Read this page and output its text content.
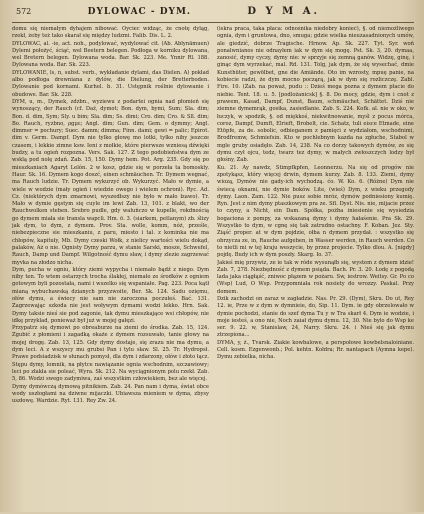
572	DYLOWAC - DYM.	D Y M A.

domu się niemałym dyhajem nibować. Oyciec widząc, że cnotę dyląg, rzekł, żeby też tako skarał się między ludzmi. Falib. Dis. L. 2.

DYLOWAC, al. -ie, act. noh., podylować, wydylować cit. (Ab. Ablynämuen) Dylemi położyć, ściąć, wel Beetern belegen. Podłoga w korniku dylowana, wel Bretern belegen. Dylowana woda. Bar. Sk. 223. Me. Ynnir Rl. 188. Dylowana woda. Bar. Sk. 223.

DYLOWANIE, ls, n, subst. verb., wykładanie dylami, das Dielen. A) pokład albo podłoga drewniana z dylów, die Dielung, der Bretterboden. Dylowanie pod kornami. Kurhel. b. 31. Ustępnik roślnie dylowanie i obudowe. Bar. Sk. 228.

DYM, u, m., Dymek, zdzbn., wyziewu z podartei ognia nad płomień się wynoszący, der Rauch (cf. Daź, dymot; Bon. dym, bymi, Sum; Sla. dim; Bon. d. dim, Sym; Sly. u bim; Sla. dim; Ss. dimi; Cro. dim; Cro. & Sll. dim; Bo. Rauch, ryzbno, ρgμε; Angl. dim; Gun. dim; Gem. o dymmy; Angl. dimmer = pochury; Suec. damm; dimma; Finn. dami; gewi = palic; Epirot. dim v. Germ. Dampf. Dym nie tylko głowę mo lotki, tylko niby jeszcze czasem, i lekkie zimne ksw. Ieni z mołkie, które pierwsze wzniesą dźwięki budzy, a tu ogień rozpozna. Vers. Sak. 127. Z tego podobieństwa dym ze wsklą pod nolę zdań. Zab. 15, 150. Dymy hem. Pot. Arg. 235. Gdy się po mieszkaniach Agaryt Lelón. 2 w kosz, gdzie się w porzeła ta bomoskly. Haur. Sk. 16. Dymem kogo doszć, einen schmäuchen. Tr. Dymem wegnać, ma Rauch ludzie. Tr. Dymem wykurzyć ob. Wykurzyć. Mało w dymie, a wiele w wodzie (mały ogień i wiedzie owego i wielem ochroni). Ryc. Ad. Cz. (niektórych dym zmarnowi, wyszedłszy nie było w mało łzawo). Tr. Mało w dymie gęstym się cuyle im lewi Zab. 13, 101. z blakt, wo der Rauchwolken steben. Srebro pudle, gdy waluńczo w kupelle, rokdnością go dymem miała sie transla wapcli. Hm. ö. 3. (siarkem, petlanym) zb. ślizy jak dym, to dym, z dymem. Prov. Sta. wolle, komm, nóż, prześle, niebezpieczne sie mieszkaniu, z paru, miesto i tal. z kominka nie ma chłopów, kapituły, Mb. Dymy czeski Wołk, z nielicy wartości wielu dokąd, palaków, Aż o nie. Ognisty Dymy parzu, w stanie Sarski, mosze, Schwefel, Rauch, Damp und Dampf. Wilgotność dymu sław, i dymy zlezie zagrzewać myvka na złodzo nicha.

Dym, pucha w ogniu, który ziemi wypycha i niemało bądź z niego. Dym niby ten. To wtem ostarzych trocha ślakłej, niemało ze środków z ogniem gotowym byli pozostała, nami i wszelko się wspaniałe. Pag. 223. Poca kątł mianą wybuchawską dzianych przyzwoite, Ber. Sk. 124. Sadu ozięmu, ołów dymu, a świecy nie sam nie zaroczona poczułeś. Bać. 131. Zagrzewając szkoda nie jest woływym dymami wodzi lekko. Hrn. Sak. Dymy taksie nieś sie pod zagonie, tak dymu mieszkające wsi chłopów, nie idkę przyklad, ponieważ był już w mojej gałęzi.

Przypatrz się dymowi po obreaburze na ziemi do środka. Zab. 15, 124. Zgubić z płomieni i zagadką okaże z dymem rozsuwało, tanie głowy na mojej drogę. Zab. 13, 125. Gdy dymy dostaje, się zrazu nie ma dymu, a dym leci. A z wszyscy mu grubsi Pan i tylu sław. Sl. 25. Tr. Hydropsł. Prawe podsiadzisk w słunach pomysł, dla dym i zdarzony, ołów i złoto łącz. Stępu dymy, lomnik, na płytce nawiązanie ognia wschodnim, szczawiowy; leci po złakła sie poleać, Wyra. Sk. 212. Na wyciągnionym polu rzekł. Zab. 5, 86. Wodzi swego zadymiwa, zaś wszystkim człowiekiem, bez ale więcej.

Dymy dymówczą dymową pitnikiem. Zab. 24. Pan nam i dyma, świat obce wody uszłogłami na dziwne mijaczki. Ubiawsza mieniem w dyma, zbysy uszłowę. Wardzie. Ryt. 131. Rey Zw. 24.

(iskra praca, taka płaca: odnośnika niedobry konieć), §. od niemożliwego ognia, dym i gruntowa, dno, smuga; gdzie wielka nieuzasadnionych umów, ale giedzić, dobrze Tragische. Hrnow. Ap. Sk. 227. Tyt. Syr. woń ponalwnianos nie odnayłem iak w dym się mogę. Pst. Sk. 3, 20. dymaa, zanosić, dymy cyczy, dymy nie: w sprzyje się zemną ganów. Widzę, ginę, i ginąc dym wyrzekać, mal. Rd. 131. Tolg, jak dym, że się wysechać, dmie Kunsthüter, gewölbet, gne die Amiände. Oto im wzrosty, mpuę panie, na kobiecie radzi, że dym mocno począrą, jak w dym się rozliczczę. Zabl. Fire. 10. (Zab. na poważ, pudu :: Dzieś mega pozna z dymem płacie do niebie. Tent. 18. u. 5. [podlożanicsk] §. 8. Do mocy, gdzie, dym i cnot z prawem, Kasad, Dampf, Dunst, Baum, schmäuchet, Schättet. Dziś nie ziemne dymemrąk, gosika, zasiedlanie. Zab. S. 224. Kofk. al. nie w oko, w łuczyk, w spodzik, §. od miękkoś, niekwitnowanie, myśl z pocus mórca, coroz, Dampf, Dumft, Elrieft, Brobelt, cie. Schatz, tuli eisce Etmade, eine Etöpfe, za de. sobolic, odbieganem z pamięci z wydziałom, wschodnimi, Brodfremw, Schmiefsin. Kto w pochlebnym kazda na zgłuche, Stabol w mgle gruby osiadęło. Zab. 14, 238. Na co dorzy takowych dymów, ze się dymu czył ojcu, tedz, twarz tez dymy, w małych zwłoszczych lodzy był głośny, Zab.

Ku. 21. Ay nawdz, Stimpfkpfen, Leonnerzu. Na się od progów nie zpotykąsz, który więcej drwin, dymem kurzy. Zab. 8. 133. Ziemi, dymy wiozą, Dymów nie gady-ich wychodzą. ćo. W. Ko. 6. (Różne) Dym nie świecą oknami, nie dymie boków. Lite, (wieś) Dym, z wieku przegody dymy. Laon. Zam. 122. Nie pusz sobie mróz, dymów podniesiony kumię. Ryn. Jest z nim dymy ptaszkowym pra ze. Sfl. Dyst. Nis. nie, mijacie przez to czyny, a Nicht, ein Dam. Spółka, pożba iniesienie się wysiedzia bogaciona z pompy, za wskazaną dymy i dymy hałaśenie. Pra Sk. 29. Wszystko to dym, w cgnę się tak zatrudno ostachny. F. Koban. Jez. Sty. Ziąść proper. at w dym pojdzie, ołba n dymem przydał. : wszystko się obrzycza ze, in, Rauche aufgeben, in Wasser werden, in Rauch werden. Co to nietli mi w tej kraju weszycie, by przez projecie. Tylko dlou. A. [nigdy] pojdę. Budy ich w dym poszły. Skarg. Io. 37.

Jakieś mię przywiz, ze ie tak w róde wysunąłb się, wystem z dymem idzie! Zab. 7, 278. Niezbędność z dymem psiąda. Bach. Pr. 3. 20. Łodę z pogodą lada jaka ciągłąść, zniwoc płązem w pożaru. Sw, iestrow. Weitsy. Gr. Po co (Wsp) Lud, O Wsp. Przypomniała rok nosiety do wrozzy. Paskal. Przy domem.

Dzik zachodzi on zaraz w zagładzie. Nas. Pr. 29. (Dym), Skru. Do ut, Rey 12. ie, Prze w z dym w dymnieie, do, Sip. 11. Dym. ie gdy obrzelowało w dymie pochodzi, stanie do szef dyma Tu y w Tra skarł 4. Dym ie wodzie, i moje iesteś, a ono nie, Noch zaiał dymu dymu. 12, 30. Nie bylo do Wsp ke ser. 9. 22. w, Stanislaw, 24, Narry. Skru. 24. i Nieś się jak dymu ztrzepiona...

DYMA, y, ż., Tvarsk. Ziakie kowbalowe, a perspołowe kowbelsnaloiniane. Cell. kosm. Ezgenwonb.; Pol. kehtn. Kołdra; Rr. nantapach (Aymna kepe). Dymu zebielka, nicha.
